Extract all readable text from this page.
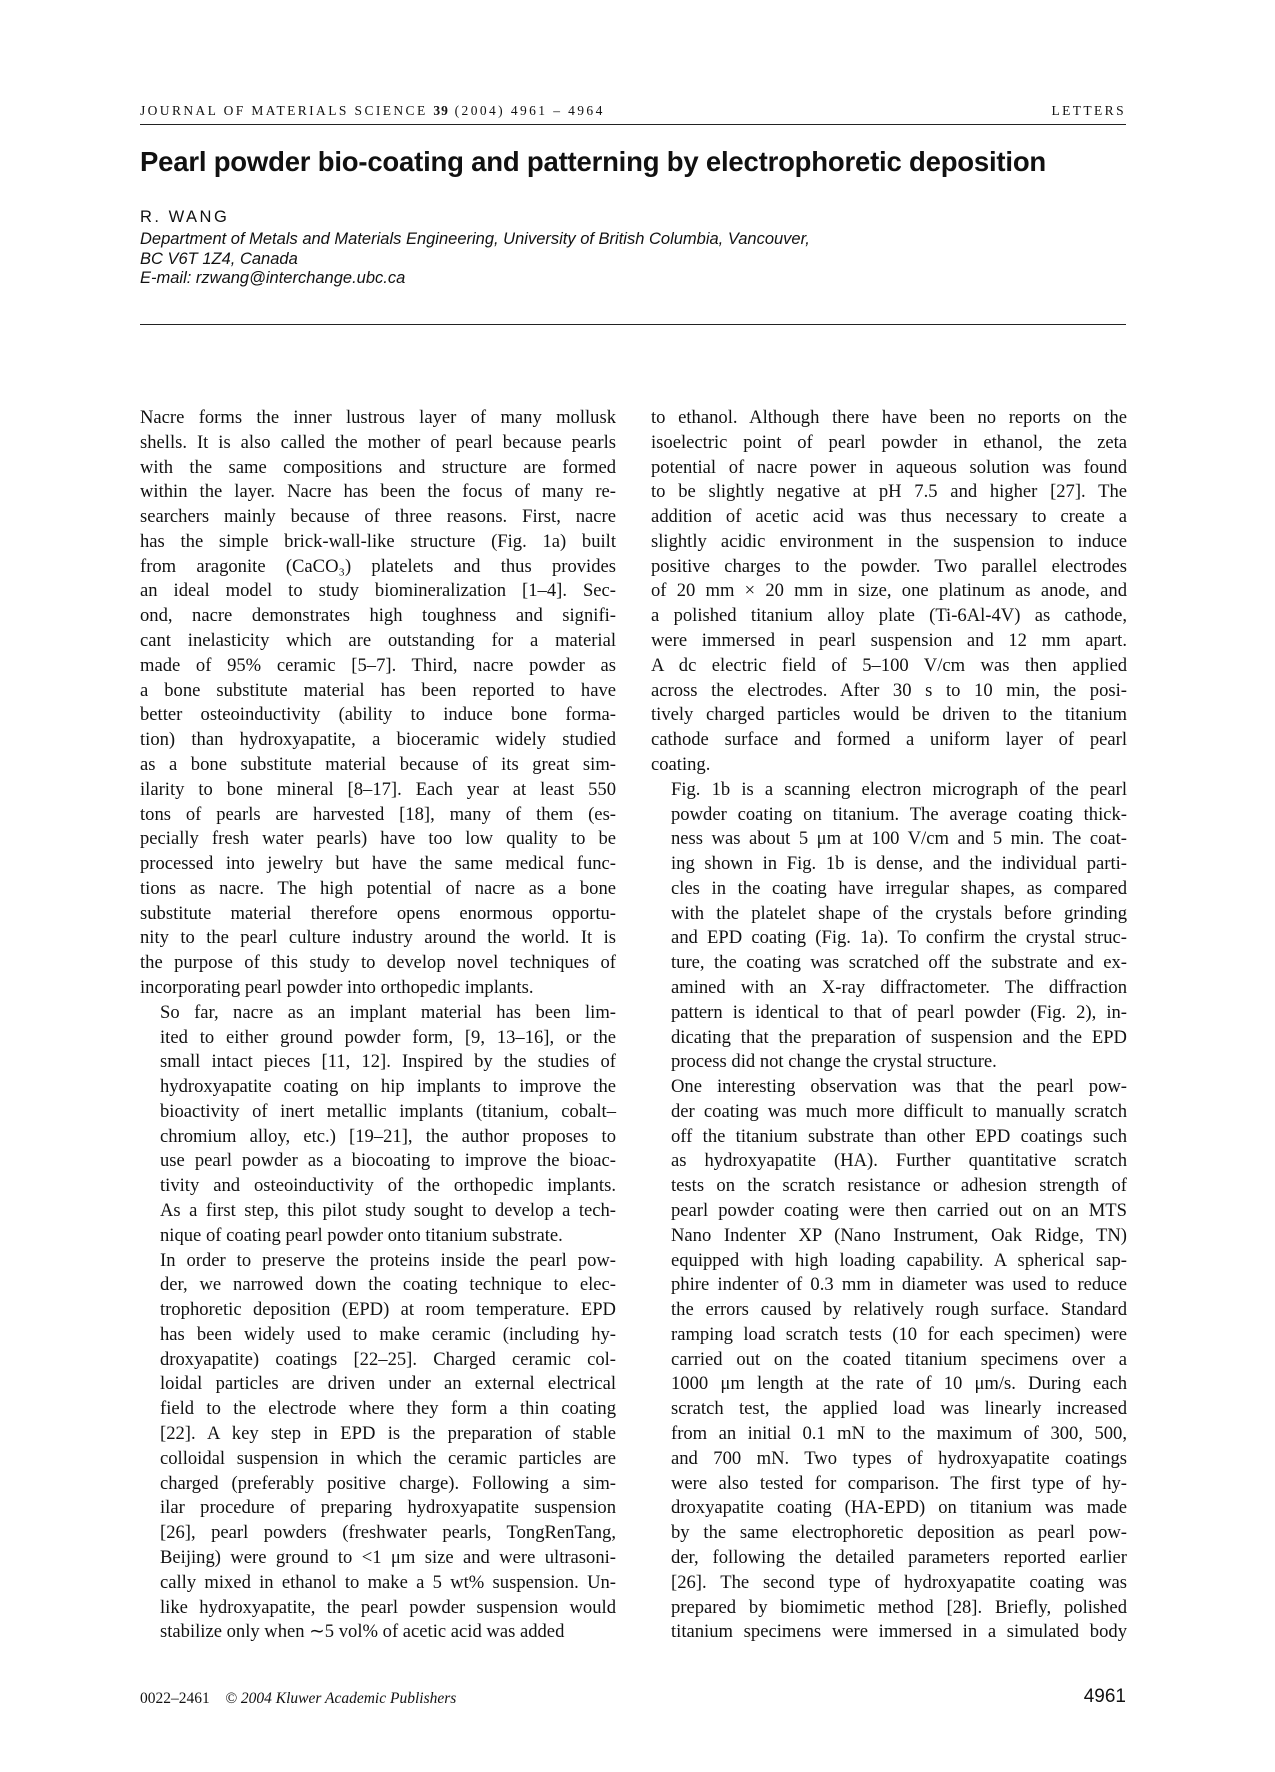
JOURNAL OF MATERIALS SCIENCE 39 (2004) 4961 – 4964	LETTERS
Pearl powder bio-coating and patterning by electrophoretic deposition
R. WANG
Department of Metals and Materials Engineering, University of British Columbia, Vancouver,
BC V6T 1Z4, Canada
E-mail: rzwang@interchange.ubc.ca

Nacre forms the inner lustrous layer of many mollusk
shells. It is also called the mother of pearl because pearls
with the same compositions and structure are formed
within the layer. Nacre has been the focus of many re-
searchers mainly because of three reasons. First, nacre
has the simple brick-wall-like structure (Fig. 1a) built
from aragonite (CaCO₃) platelets and thus provides
an ideal model to study biomineralization [1–4]. Sec-
ond, nacre demonstrates high toughness and signifi-
cant inelasticity which are outstanding for a material
made of 95% ceramic [5–7]. Third, nacre powder as
a bone substitute material has been reported to have
better osteoinductivity (ability to induce bone forma-
tion) than hydroxyapatite, a bioceramic widely studied
as a bone substitute material because of its great sim-
ilarity to bone mineral [8–17]. Each year at least 550
tons of pearls are harvested [18], many of them (es-
pecially fresh water pearls) have too low quality to be
processed into jewelry but have the same medical func-
tions as nacre. The high potential of nacre as a bone
substitute material therefore opens enormous opportu-
nity to the pearl culture industry around the world. It is
the purpose of this study to develop novel techniques of
incorporating pearl powder into orthopedic implants.

So far, nacre as an implant material has been lim-
ited to either ground powder form, [9, 13–16], or the
small intact pieces [11, 12]. Inspired by the studies of
hydroxyapatite coating on hip implants to improve the
bioactivity of inert metallic implants (titanium, cobalt–
chromium alloy, etc.) [19–21], the author proposes to
use pearl powder as a biocoating to improve the bioac-
tivity and osteoinductivity of the orthopedic implants.
As a first step, this pilot study sought to develop a tech-
nique of coating pearl powder onto titanium substrate.

In order to preserve the proteins inside the pearl pow-
der, we narrowed down the coating technique to elec-
trophoretic deposition (EPD) at room temperature. EPD
has been widely used to make ceramic (including hy-
droxyapatite) coatings [22–25]. Charged ceramic col-
loidal particles are driven under an external electrical
field to the electrode where they form a thin coating
[22]. A key step in EPD is the preparation of stable
colloidal suspension in which the ceramic particles are
charged (preferably positive charge). Following a sim-
ilar procedure of preparing hydroxyapatite suspension
[26], pearl powders (freshwater pearls, TongRenTang,
Beijing) were ground to <1 μm size and were ultrasoni-
cally mixed in ethanol to make a 5 wt% suspension. Un-
like hydroxyapatite, the pearl powder suspension would
stabilize only when ∼5 vol% of acetic acid was added

to ethanol. Although there have been no reports on the
isoelectric point of pearl powder in ethanol, the zeta
potential of nacre power in aqueous solution was found
to be slightly negative at pH 7.5 and higher [27]. The
addition of acetic acid was thus necessary to create a
slightly acidic environment in the suspension to induce
positive charges to the powder. Two parallel electrodes
of 20 mm × 20 mm in size, one platinum as anode, and
a polished titanium alloy plate (Ti-6Al-4V) as cathode,
were immersed in pearl suspension and 12 mm apart.
A dc electric field of 5–100 V/cm was then applied
across the electrodes. After 30 s to 10 min, the posi-
tively charged particles would be driven to the titanium
cathode surface and formed a uniform layer of pearl
coating.

Fig. 1b is a scanning electron micrograph of the pearl
powder coating on titanium. The average coating thick-
ness was about 5 μm at 100 V/cm and 5 min. The coat-
ing shown in Fig. 1b is dense, and the individual parti-
cles in the coating have irregular shapes, as compared
with the platelet shape of the crystals before grinding
and EPD coating (Fig. 1a). To confirm the crystal struc-
ture, the coating was scratched off the substrate and ex-
amined with an X-ray diffractometer. The diffraction
pattern is identical to that of pearl powder (Fig. 2), in-
dicating that the preparation of suspension and the EPD
process did not change the crystal structure.

One interesting observation was that the pearl pow-
der coating was much more difficult to manually scratch
off the titanium substrate than other EPD coatings such
as hydroxyapatite (HA). Further quantitative scratch
tests on the scratch resistance or adhesion strength of
pearl powder coating were then carried out on an MTS
Nano Indenter XP (Nano Instrument, Oak Ridge, TN)
equipped with high loading capability. A spherical sap-
phire indenter of 0.3 mm in diameter was used to reduce
the errors caused by relatively rough surface. Standard
ramping load scratch tests (10 for each specimen) were
carried out on the coated titanium specimens over a
1000 μm length at the rate of 10 μm/s. During each
scratch test, the applied load was linearly increased
from an initial 0.1 mN to the maximum of 300, 500,
and 700 mN. Two types of hydroxyapatite coatings
were also tested for comparison. The first type of hy-
droxyapatite coating (HA-EPD) on titanium was made
by the same electrophoretic deposition as pearl pow-
der, following the detailed parameters reported earlier
[26]. The second type of hydroxyapatite coating was
prepared by biomimetic method [28]. Briefly, polished
titanium specimens were immersed in a simulated body

0022–2461 © 2004 Kluwer Academic Publishers	4961
